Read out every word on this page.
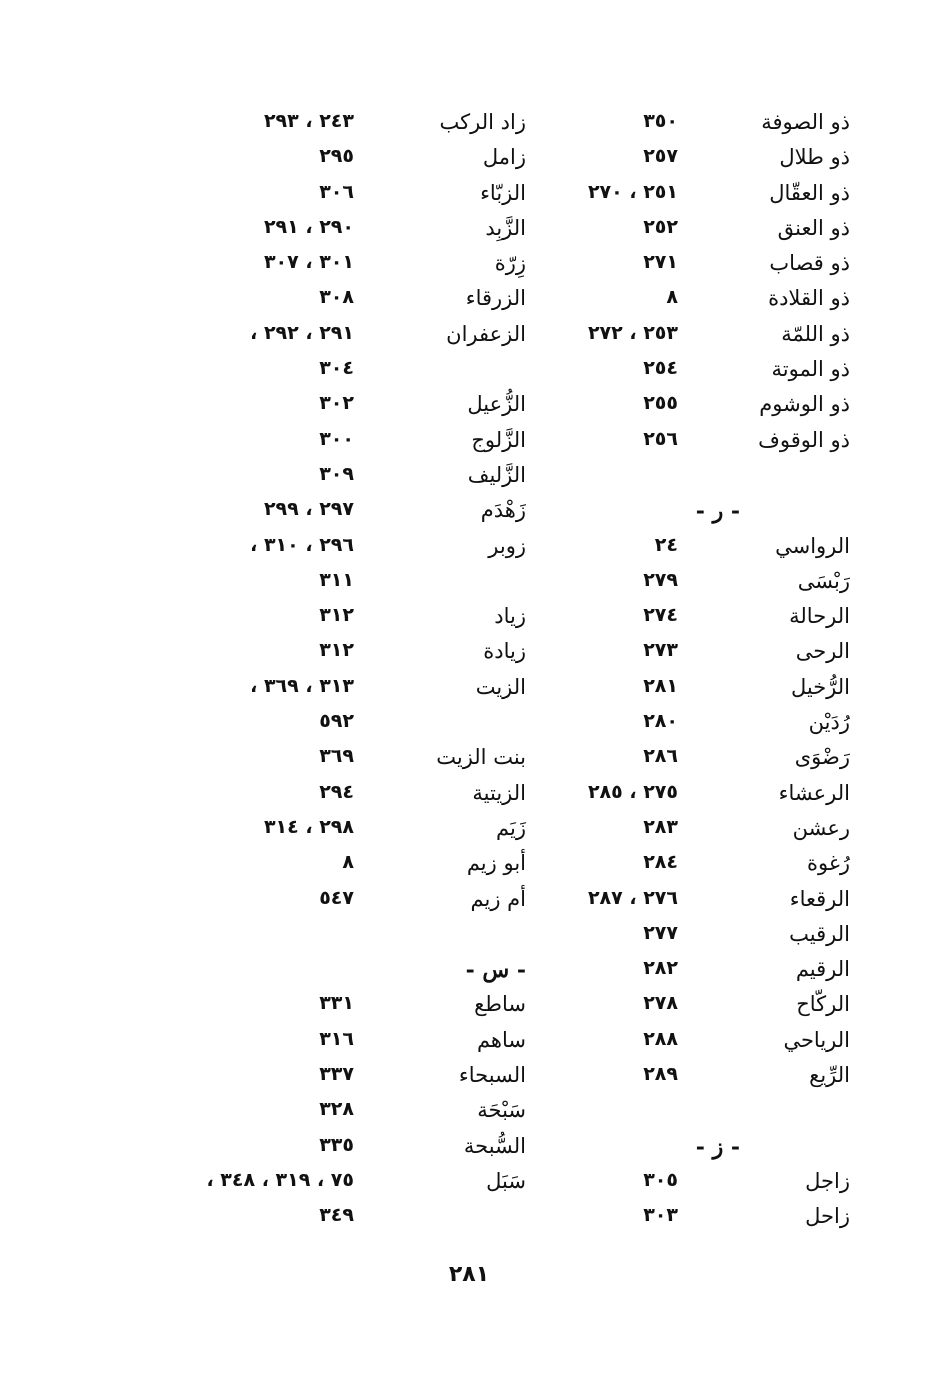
ذو الصوفة
٣٥٠
ذو طلال
٢٥٧
ذو العقّال
٢٥١ ، ٢٧٠
ذو العنق
٢٥٢
ذو قصاب
٢٧١
ذو القلادة
٨
ذو اللمّة
٢٥٣ ، ٢٧٢
ذو الموتة
٢٥٤
ذو الوشوم
٢٥٥
ذو الوقوف
٢٥٦
- ر -
الرواسي
٢٤
رَبْسَى
٢٧٩
الرحالة
٢٧٤
الرحى
٢٧٣
الرُّخيل
٢٨١
رُدَيْن
٢٨٠
رَضْوَى
٢٨٦
الرعشاء
٢٧٥ ، ٢٨٥
رعشن
٢٨٣
رُغوة
٢٨٤
الرقعاء
٢٧٦ ، ٢٨٧
الرقيب
٢٧٧
الرقيم
٢٨٢
الركّاح
٢٧٨
الرياحي
٢٨٨
الرِّيع
٢٨٩
- ز -
زاجل
٣٠٥
زاحل
٣٠٣
زاد الركب
٢٤٣ ، ٢٩٣
زامل
٢٩٥
الزبّاء
٣٠٦
الزَّبِد
٢٩٠ ، ٢٩١
زِرّة
٣٠١ ، ٣٠٧
الزرقاء
٣٠٨
الزعفران
٢٩١ ، ٢٩٢ ،
٣٠٤
الزُّعيل
٣٠٢
الزَّلوج
٣٠٠
الزَّليف
٣٠٩
زَهْدَم
٢٩٧ ، ٢٩٩
زوبر
٢٩٦ ، ٣١٠ ،
٣١١
زياد
٣١٢
زيادة
٣١٢
الزيت
٣١٣ ، ٣٦٩ ،
٥٩٢
بنت الزيت
٣٦٩
الزيتية
٢٩٤
زَيَم
٢٩٨ ، ٣١٤
أبو زيم
٨
أم زيم
٥٤٧
- س -
ساطع
٣٣١
ساهم
٣١٦
السبحاء
٣٣٧
سَبْحَة
٣٢٨
السُّبحة
٣٣٥
سَبَل
٧٥ ، ٣١٩ ، ٣٤٨ ،
٣٤٩
٢٨١
